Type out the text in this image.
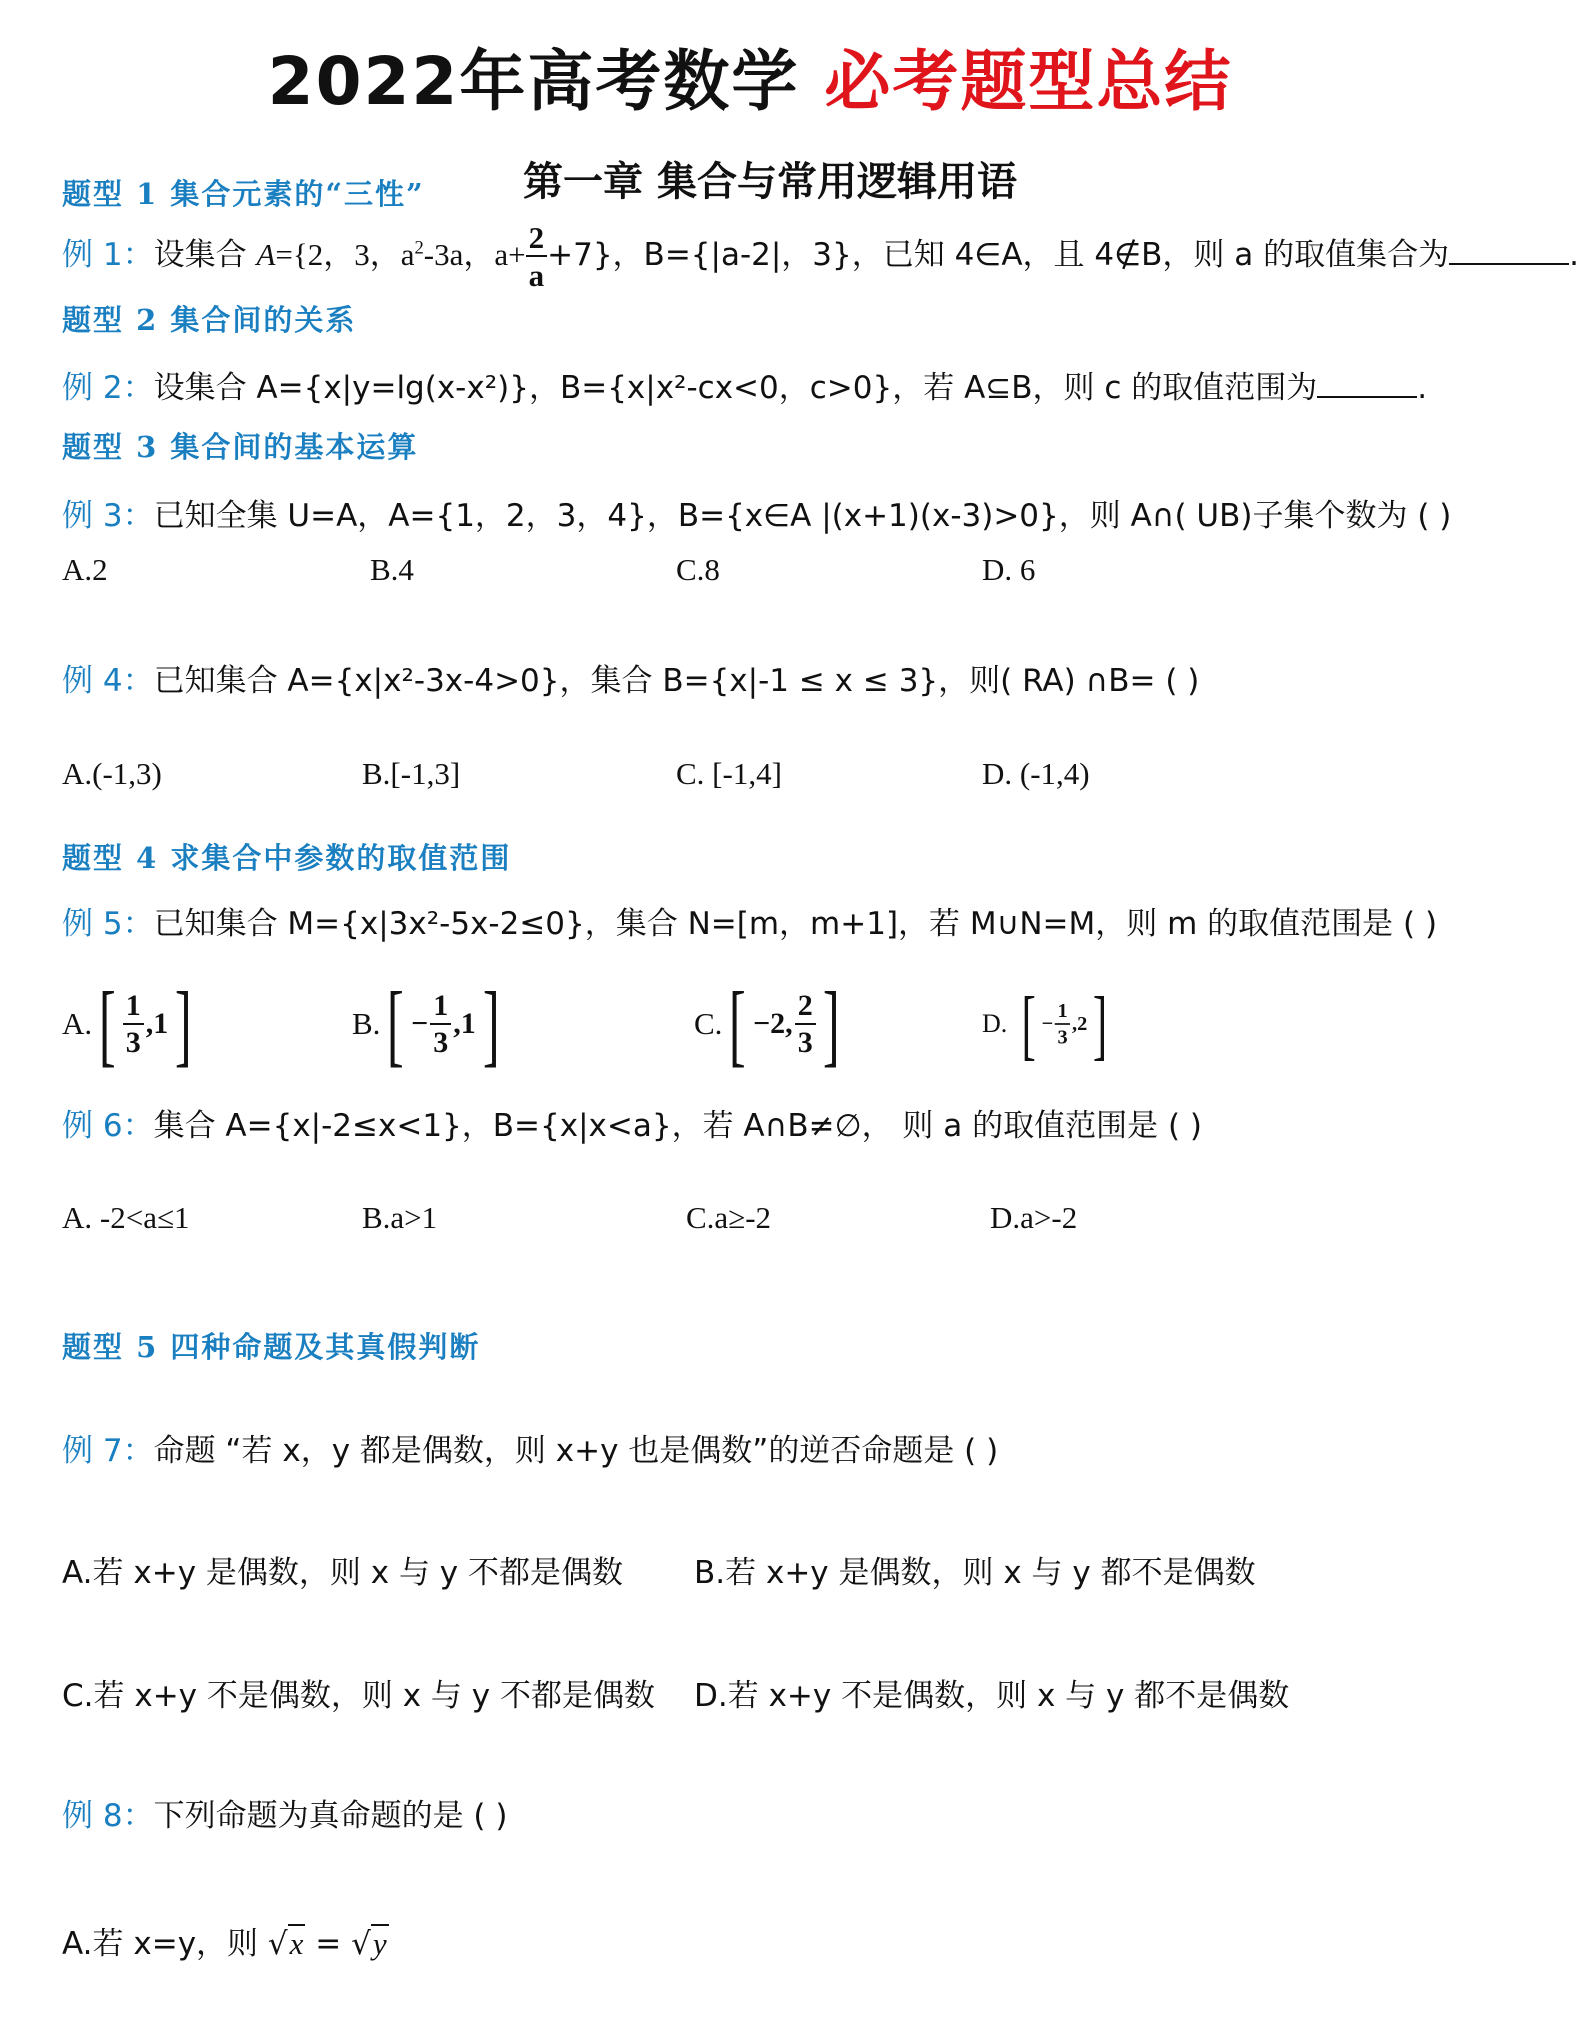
2022年高考数学 必考题型总结
第一章 集合与常用逻辑用语
题型 1 集合元素的“三性”
例 1：设集合 A={2，3，$a^2-3a$，$a+ \frac{2}{a} +7$}，B={|a-2|，3}，已知 4∈A，且 4∉B，则 a 的取值集合为	.
题型 2 集合间的关系
例 2：设集合 A={x|y=lg(x-x²)}，B={x|x²-cx<0，c>0}，若 A⊆B，则 c 的取值范围为	.
题型 3 集合间的基本运算
例 3：已知全集 U=A，A={1，2，3，4}，B={x∈A |(x+1)(x-3)>0}，则 A∩( UB)子集个数为 ( )
A.2	B.4	C.8	D. 6
例 4：已知集合 A={x|x²-3x-4>0}，集合 B={x|-1 ≤ x ≤ 3}，则( RA) ∩B= ( )
A.(-1,3)	B.[-1,3]	C. [-1,4]	D. (-1,4)
题型 4 求集合中参数的取值范围
例 5：已知集合 M={x|3x²-5x-2≤0}，集合 N=[m，m+1]，若 M∪N=M，则 m 的取值范围是 ( )
A. [ $\frac{1}{3} ,1$ ]	B. [ − $\frac{1}{3} ,1$ ]	C. [ −2, $\frac{2}{3}$ ]	D. [ − $\frac{1}{3} ,2$ ]
例 6：集合 A={x|-2≤x<1}，B={x|x<a}，若 A∩B≠∅， 则 a 的取值范围是 ( )
A. -2<a≤1	B.a>1	C.a≥-2	D.a>-2
题型 5 四种命题及其真假判断
例 7：命题 “若 x，y 都是偶数，则 x+y 也是偶数”的逆否命题是 ( )
A.若 x+y 是偶数，则 x 与 y 不都是偶数 B.若 x+y 是偶数，则 x 与 y 都不是偶数
C.若 x+y 不是偶数，则 x 与 y 不都是偶数 D.若 x+y 不是偶数，则 x 与 y 都不是偶数
例 8：下列命题为真命题的是 ( )
A.若 x=y，则 √x = √y
